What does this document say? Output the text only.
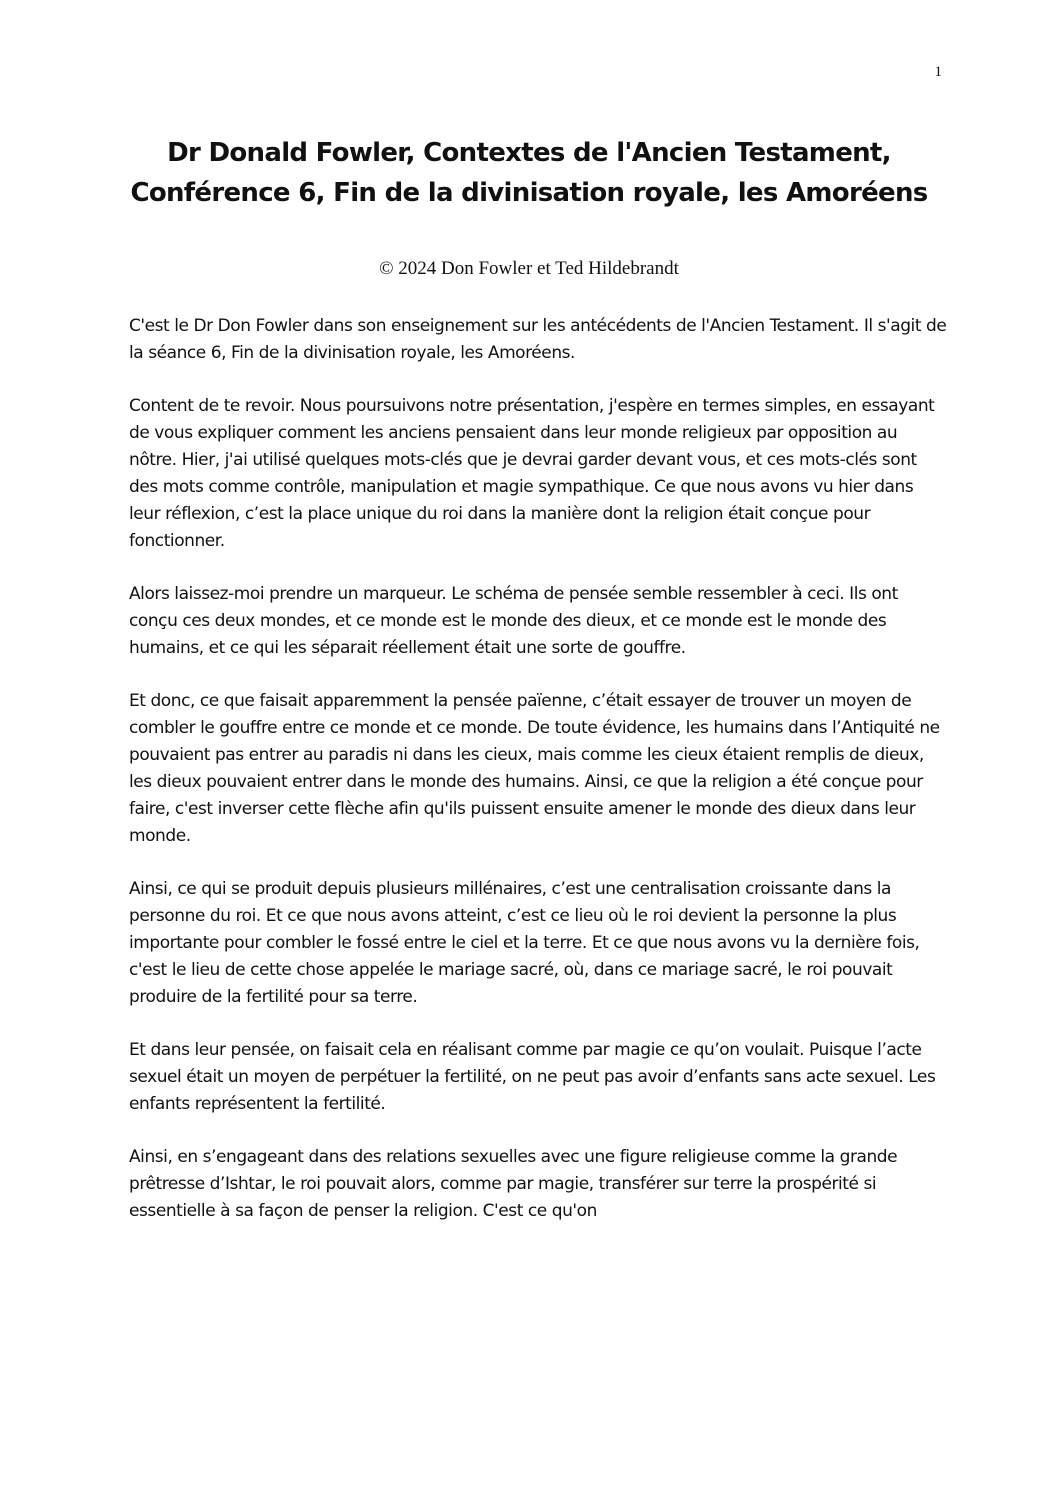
1
Dr Donald Fowler, Contextes de l'Ancien Testament, Conférence 6, Fin de la divinisation royale, les Amoréens
© 2024 Don Fowler et Ted Hildebrandt

C'est le Dr Don Fowler dans son enseignement sur les antécédents de l'Ancien Testament. Il s'agit de la séance 6, Fin de la divinisation royale, les Amoréens.

Content de te revoir. Nous poursuivons notre présentation, j'espère en termes simples, en essayant de vous expliquer comment les anciens pensaient dans leur monde religieux par opposition au nôtre. Hier, j'ai utilisé quelques mots-clés que je devrai garder devant vous, et ces mots-clés sont des mots comme contrôle, manipulation et magie sympathique. Ce que nous avons vu hier dans leur réflexion, c’est la place unique du roi dans la manière dont la religion était conçue pour fonctionner.

Alors laissez-moi prendre un marqueur. Le schéma de pensée semble ressembler à ceci. Ils ont conçu ces deux mondes, et ce monde est le monde des dieux, et ce monde est le monde des humains, et ce qui les séparait réellement était une sorte de gouffre.

Et donc, ce que faisait apparemment la pensée païenne, c’était essayer de trouver un moyen de combler le gouffre entre ce monde et ce monde. De toute évidence, les humains dans l’Antiquité ne pouvaient pas entrer au paradis ni dans les cieux, mais comme les cieux étaient remplis de dieux, les dieux pouvaient entrer dans le monde des humains. Ainsi, ce que la religion a été conçue pour faire, c'est inverser cette flèche afin qu'ils puissent ensuite amener le monde des dieux dans leur monde.

Ainsi, ce qui se produit depuis plusieurs millénaires, c’est une centralisation croissante dans la personne du roi. Et ce que nous avons atteint, c’est ce lieu où le roi devient la personne la plus importante pour combler le fossé entre le ciel et la terre. Et ce que nous avons vu la dernière fois, c'est le lieu de cette chose appelée le mariage sacré, où, dans ce mariage sacré, le roi pouvait produire de la fertilité pour sa terre.

Et dans leur pensée, on faisait cela en réalisant comme par magie ce qu’on voulait. Puisque l’acte sexuel était un moyen de perpétuer la fertilité, on ne peut pas avoir d’enfants sans acte sexuel. Les enfants représentent la fertilité.

Ainsi, en s’engageant dans des relations sexuelles avec une figure religieuse comme la grande prêtresse d’Ishtar, le roi pouvait alors, comme par magie, transférer sur terre la prospérité si essentielle à sa façon de penser la religion. C'est ce qu'on
